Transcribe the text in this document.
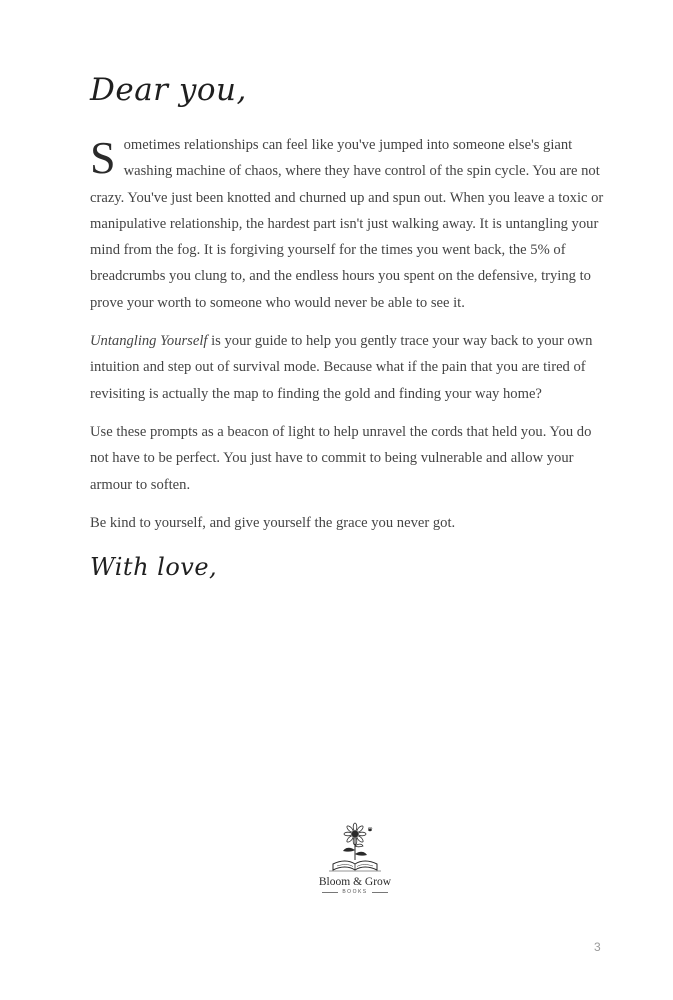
Dear you,

Sometimes relationships can feel like you've jumped into someone else's giant washing machine of chaos, where they have control of the spin cycle. You are not crazy. You've just been knotted and churned up and spun out. When you leave a toxic or manipulative relationship, the hardest part isn't just walking away. It is untangling your mind from the fog. It is forgiving yourself for the times you went back, the 5% of breadcrumbs you clung to, and the endless hours you spent on the defensive, trying to prove your worth to someone who would never be able to see it.

Untangling Yourself is your guide to help you gently trace your way back to your own intuition and step out of survival mode. Because what if the pain that you are tired of revisiting is actually the map to finding the gold and finding your way home?

Use these prompts as a beacon of light to help unravel the cords that held you. You do not have to be perfect. You just have to commit to being vulnerable and allow your armour to soften.

Be kind to yourself, and give yourself the grace you never got.

With love,
Bloom & Grow
BOOKS
3
